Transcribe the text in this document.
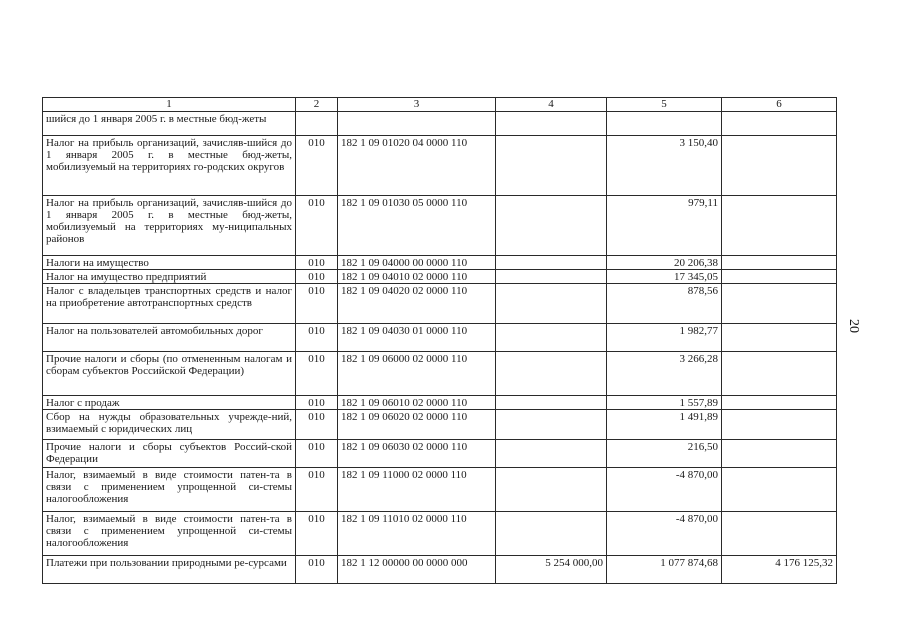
1	2	3	4	5	6
шийся до 1 января 2005 г. в местные бюд-жеты					
Налог на прибыль организаций, зачисляв-шийся до 1 января 2005 г. в местные бюд-жеты, мобилизуемый на территориях го-родских округов	010	182 1 09 01020 04 0000 110		3 150,40	
Налог на прибыль организаций, зачисляв-шийся до 1 января 2005 г. в местные бюд-жеты, мобилизуемый на территориях му-ниципальных районов	010	182 1 09 01030 05 0000 110		979,11	
Налоги на имущество	010	182 1 09 04000 00 0000 110		20 206,38	
Налог на имущество предприятий	010	182 1 09 04010 02 0000 110		17 345,05	
Налог с владельцев транспортных средств и налог на приобретение автотранспортных средств	010	182 1 09 04020 02 0000 110		878,56	
Налог на пользователей автомобильных дорог	010	182 1 09 04030 01 0000 110		1 982,77	
Прочие налоги и сборы (по отмененным налогам и сборам субъектов Российской Федерации)	010	182 1 09 06000 02 0000 110		3 266,28	
Налог с продаж	010	182 1 09 06010 02 0000 110		1 557,89	
Сбор на нужды образовательных учрежде-ний, взимаемый с юридических лиц	010	182 1 09 06020 02 0000 110		1 491,89	
Прочие налоги и сборы субъектов Россий-ской Федерации	010	182 1 09 06030 02 0000 110		216,50	
Налог, взимаемый в виде стоимости патен-та в связи с применением упрощенной си-стемы налогообложения	010	182 1 09 11000 02 0000 110		-4 870,00	
Налог, взимаемый в виде стоимости патен-та в связи с применением упрощенной си-стемы налогообложения	010	182 1 09 11010 02 0000 110		-4 870,00	
Платежи при пользовании природными ре-сурсами	010	182 1 12 00000 00 0000 000	5 254 000,00	1 077 874,68	4 176 125,32
20
